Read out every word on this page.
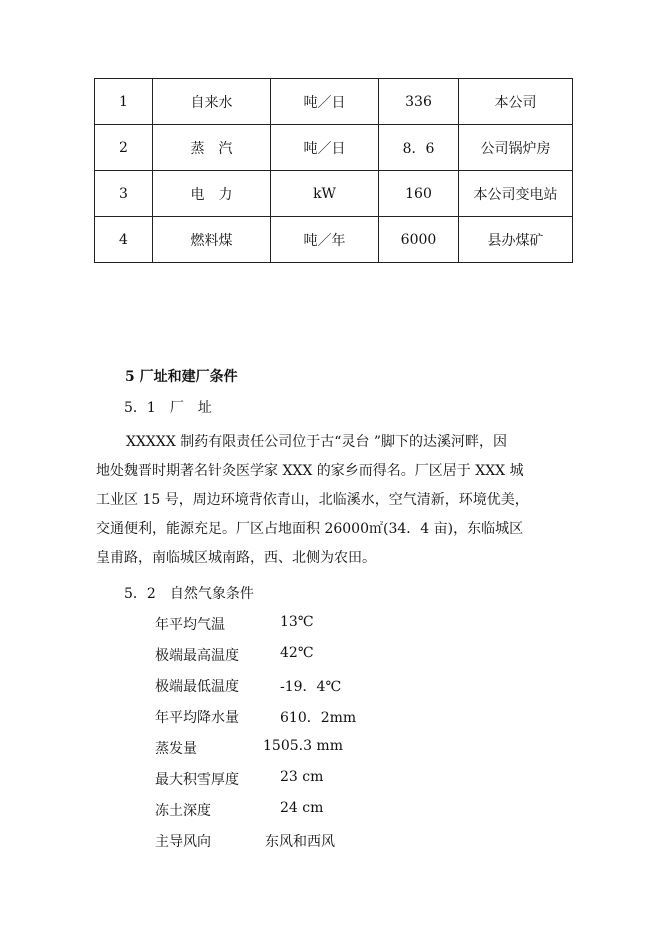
1	自来水	吨／日	336	本公司
2	蒸　汽	吨／日	8．6	公司锅炉房
3	电　力	kW	160	本公司变电站
4	燃料煤	吨／年	6000	县办煤矿
5 厂址和建厂条件
5．1　厂　址
XXXXX 制药有限责任公司位于古“灵台 ”脚下的达溪河畔，因
地处魏晋时期著名针灸医学家 XXX 的家乡而得名。厂区居于 XXX 城
工业区 15 号，周边环境背依青山，北临溪水，空气清新，环境优美，
交通便利，能源充足。厂区占地面积 26000㎡(34．4 亩)，东临城区
皇甫路，南临城区城南路，西、北侧为农田。
5．2　自然气象条件
年平均气温	13℃
极端最高温度	42℃
极端最低温度	-19．4℃
年平均降水量	610．2mm
蒸发量	1505.3 mm
最大积雪厚度	23 cm
冻土深度	24 cm
主导风向	东风和西风
